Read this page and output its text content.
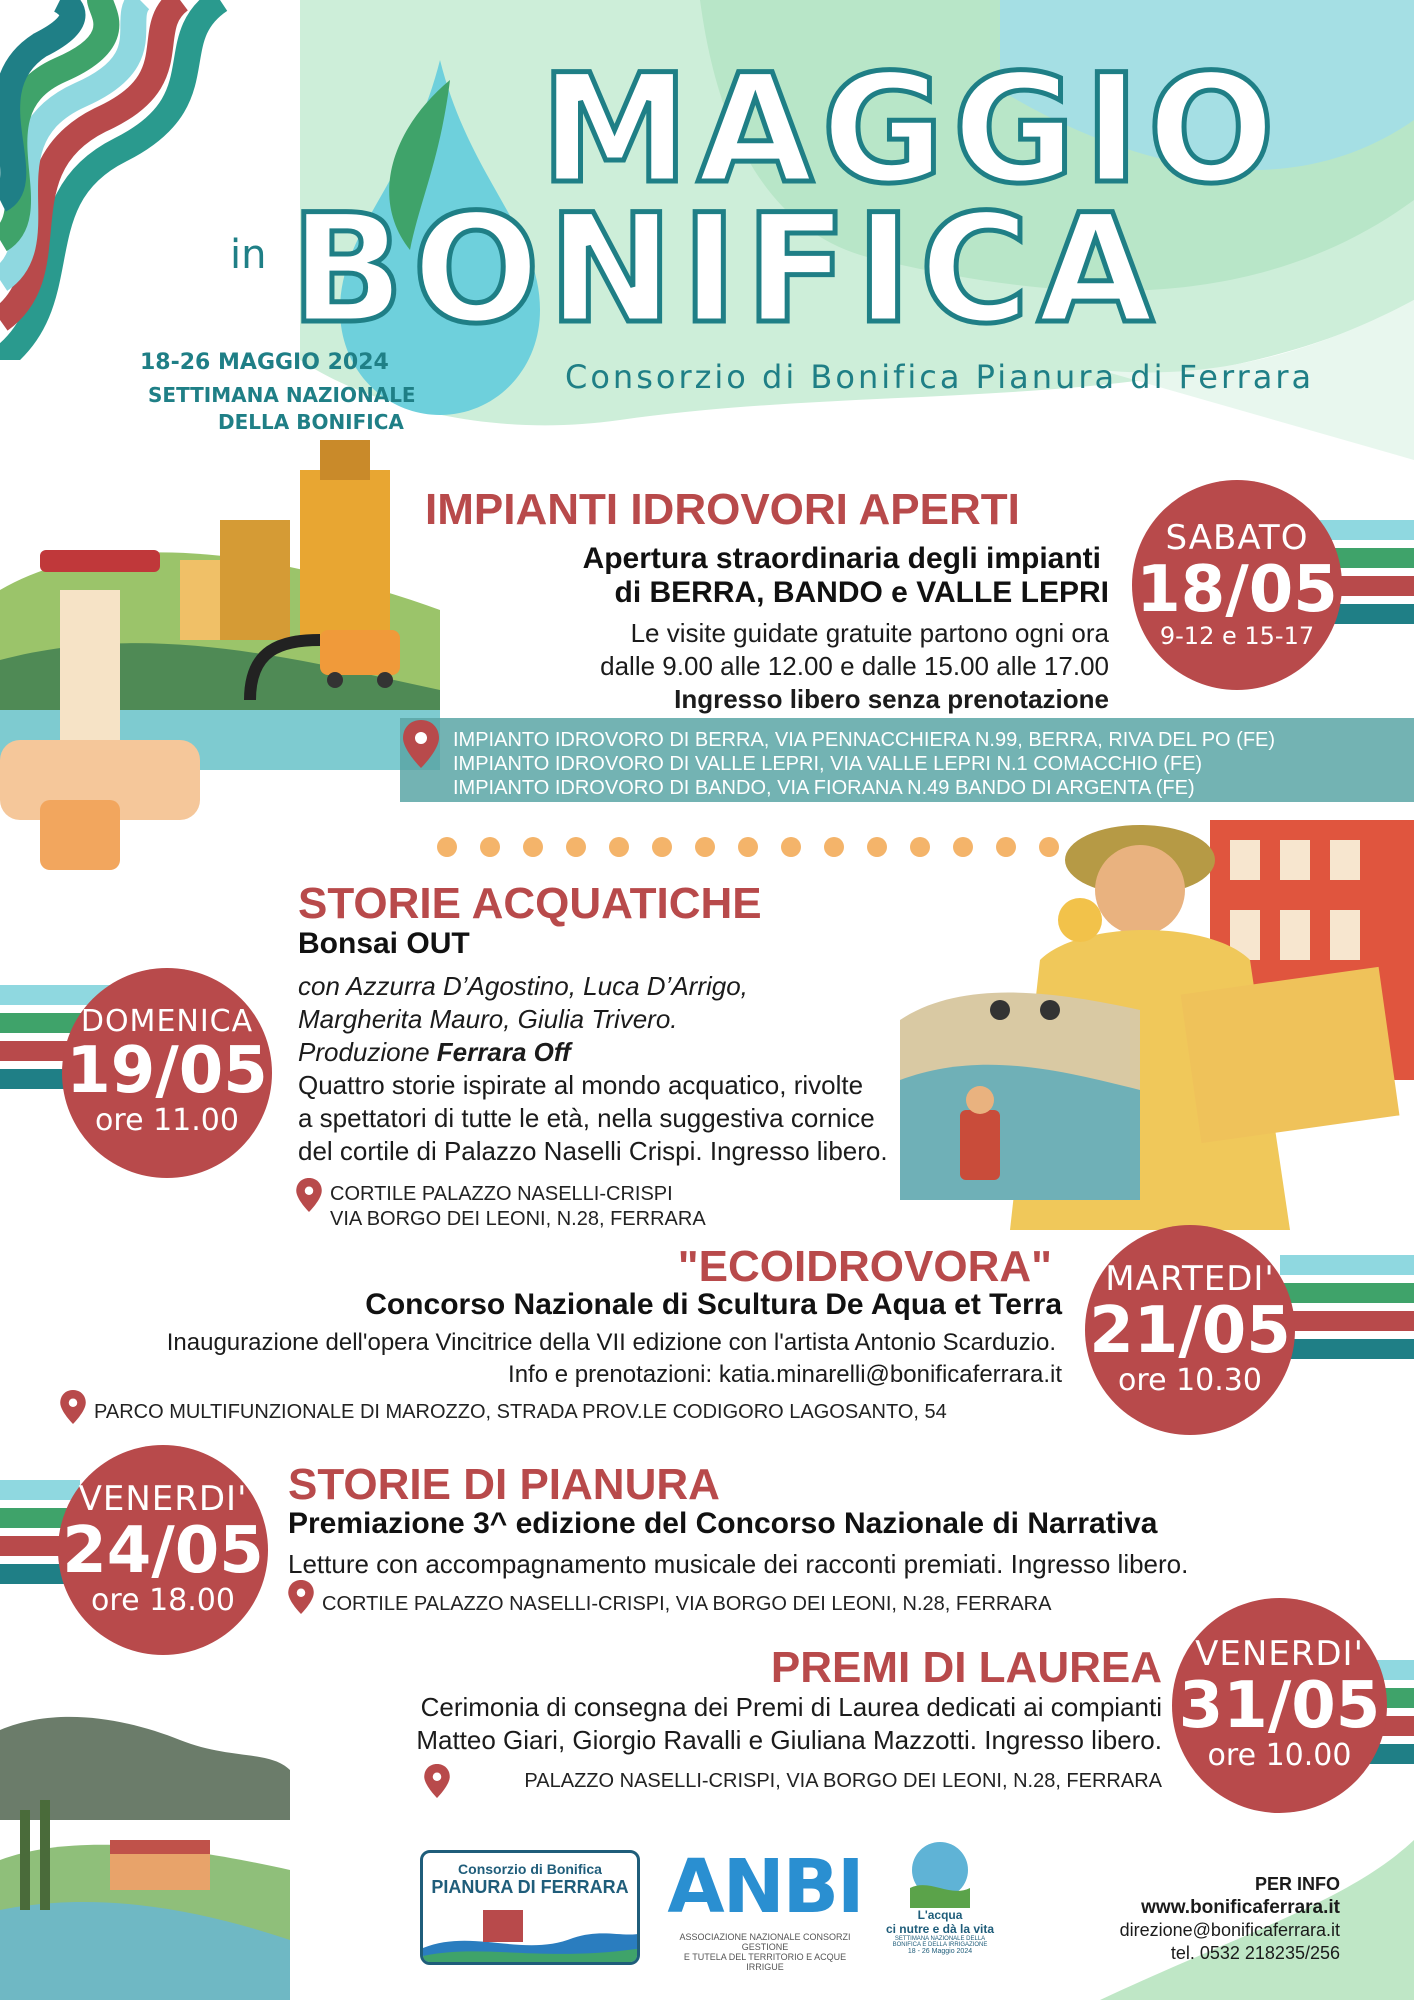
MAGGIO
in BONIFICA
Consorzio di Bonifica Pianura di Ferrara
18-26 MAGGIO 2024
SETTIMANA NAZIONALE
DELLA BONIFICA
IMPIANTI IDROVORI APERTI
Apertura straordinaria degli impianti
di BERRA, BANDO e VALLE LEPRI
Le visite guidate gratuite partono ogni ora
dalle 9.00 alle 12.00 e dalle 15.00 alle 17.00
Ingresso libero senza prenotazione
IMPIANTO IDROVORO DI BERRA, VIA PENNACCHIERA N.99, BERRA, RIVA DEL PO (FE)
IMPIANTO IDROVORO DI VALLE LEPRI, VIA VALLE LEPRI N.1 COMACCHIO (FE)
IMPIANTO IDROVORO DI BANDO, VIA FIORANA N.49 BANDO DI ARGENTA (FE)
SABATO
18/05
9-12 e 15-17
DOMENICA
19/05
ore 11.00
STORIE ACQUATICHE
Bonsai OUT
con Azzurra D’Agostino, Luca D’Arrigo,
Margherita Mauro, Giulia Trivero.
Produzione Ferrara Off
Quattro storie ispirate al mondo acquatico, rivolte
a spettatori di tutte le età, nella suggestiva cornice
del cortile di Palazzo Naselli Crispi. Ingresso libero.
CORTILE PALAZZO NASELLI-CRISPI
VIA BORGO DEI LEONI, N.28, FERRARA
"ECOIDROVORA"
Concorso Nazionale di Scultura De Aqua et Terra
Inaugurazione dell'opera Vincitrice della VII edizione con l'artista Antonio Scarduzio.
Info e prenotazioni: katia.minarelli@bonificaferrara.it
PARCO MULTIFUNZIONALE DI MAROZZO, STRADA PROV.LE CODIGORO LAGOSANTO, 54
MARTEDI'
21/05
ore 10.30
VENERDI'
24/05
ore 18.00
STORIE DI PIANURA
Premiazione 3^ edizione del Concorso Nazionale di Narrativa
Letture con accompagnamento musicale dei racconti premiati. Ingresso libero.
CORTILE PALAZZO NASELLI-CRISPI, VIA BORGO DEI LEONI, N.28, FERRARA
PREMI DI LAUREA
Cerimonia di consegna dei Premi di Laurea dedicati ai compianti
Matteo Giari, Giorgio Ravalli e Giuliana Mazzotti. Ingresso libero.
PALAZZO NASELLI-CRISPI, VIA BORGO DEI LEONI, N.28, FERRARA
VENERDI'
31/05
ore 10.00
Consorzio di Bonifica
PIANURA DI FERRARA ANBI
ASSOCIAZIONE NAZIONALE CONSORZI GESTIONE
E TUTELA DEL TERRITORIO E ACQUE IRRIGUE
L'acqua
ci nutre e dà la vita
SETTIMANA NAZIONALE DELLA BONIFICA E DELLA IRRIGAZIONE
18 - 26 Maggio 2024
PER INFO
www.bonificaferrara.it
direzione@bonificaferrara.it
tel. 0532 218235/256
